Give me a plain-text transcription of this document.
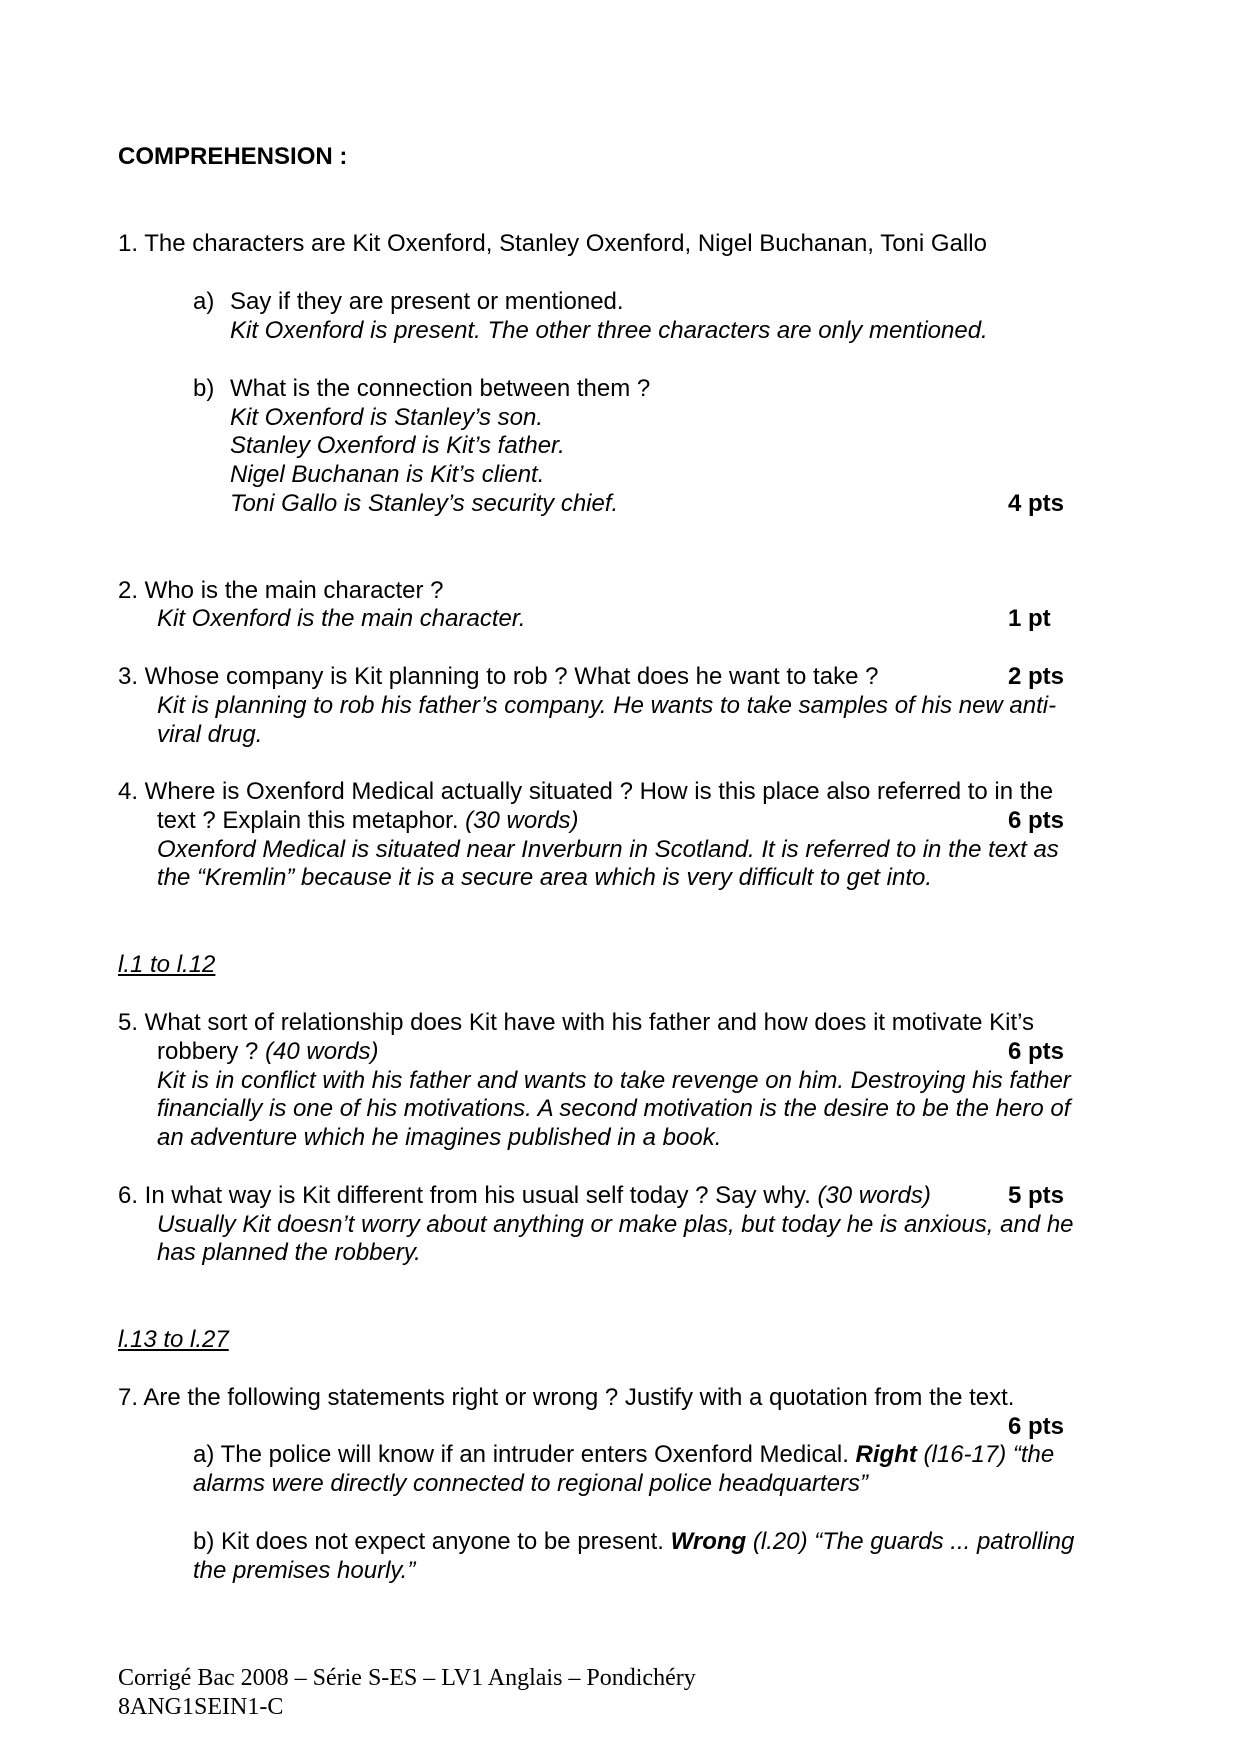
COMPREHENSION :
1. The characters are Kit Oxenford, Stanley Oxenford, Nigel Buchanan, Toni Gallo
a) Say if they are present or mentioned.
Kit Oxenford is present. The other three characters are only mentioned.
b) What is the connection between them ?
Kit Oxenford is Stanley’s son.
Stanley Oxenford is Kit’s father.
Nigel Buchanan is Kit’s client.
Toni Gallo is Stanley’s security chief.	4 pts
2. Who is the main character ?
Kit Oxenford is the main character.	1 pt
3. Whose company is Kit planning to rob ? What does he want to take ?	2 pts
Kit is planning to rob his father’s company. He wants to take samples of his new anti-
viral drug.
4. Where is Oxenford Medical actually situated ? How is this place also referred to in the
text ? Explain this metaphor. (30 words)	6 pts
Oxenford Medical is situated near Inverburn in Scotland. It is referred to in the text as
the “Kremlin” because it is a secure area which is very difficult to get into.
l.1 to l.12
5. What sort of relationship does Kit have with his father and how does it motivate Kit’s
robbery ? (40 words)	6 pts
Kit is in conflict with his father and wants to take revenge on him. Destroying his father
financially is one of his motivations. A second motivation is the desire to be the hero of
an adventure which he imagines published in a book.
6. In what way is Kit different from his usual self today ? Say why. (30 words)	5 pts
Usually Kit doesn’t worry about anything or make plas, but today he is anxious, and he
has planned the robbery.
l.13 to l.27
7. Are the following statements right or wrong ? Justify with a quotation from the text.
6 pts
a) The police will know if an intruder enters Oxenford Medical. Right (l16-17) “the
alarms were directly connected to regional police headquarters”
b) Kit does not expect anyone to be present. Wrong (l.20) “The guards ... patrolling
the premises hourly.”
Corrigé Bac 2008 – Série S-ES – LV1 Anglais – Pondichéry
8ANG1SEIN1-C
